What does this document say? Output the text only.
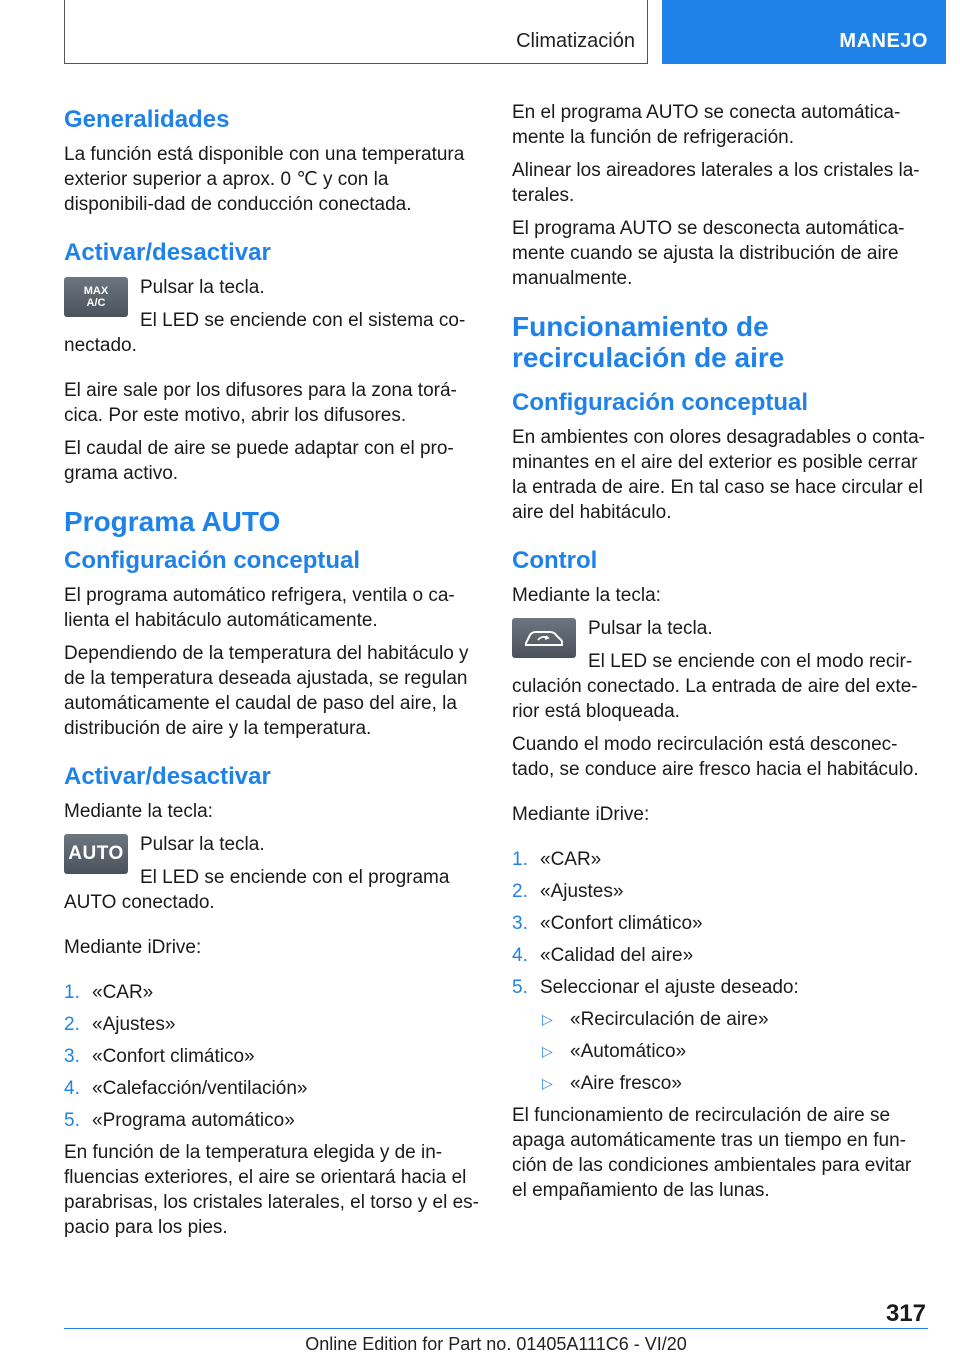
Climatización	MANEJO
Generalidades

La función está disponible con una temperatura exterior superior a aprox. 0 ℃ y con la disponibili‐dad de conducción conectada.

Activar/desactivar
MAX A/C

Pulsar la tecla.

El LED se enciende con el sistema co‐nectado.

El aire sale por los difusores para la zona torá‐cica. Por este motivo, abrir los difusores.

El caudal de aire se puede adaptar con el pro‐grama activo.

Programa AUTO
Configuración conceptual

El programa automático refrigera, ventila o ca‐lienta el habitáculo automáticamente.

Dependiendo de la temperatura del habitáculo y de la temperatura deseada ajustada, se regulan automáticamente el caudal de paso del aire, la distribución de aire y la temperatura.

Activar/desactivar

Mediante la tecla:

AUTO Pulsar la tecla.

El LED se enciende con el programa AUTO conectado.

Mediante iDrive:

1. «CAR»
2. «Ajustes»
3. «Confort climático»
4. «Calefacción/ventilación»
5. «Programa automático»

En función de la temperatura elegida y de in‐fluencias exteriores, el aire se orientará hacia el parabrisas, los cristales laterales, el torso y el es‐pacio para los pies.

En el programa AUTO se conecta automática‐mente la función de refrigeración.

Alinear los aireadores laterales a los cristales la‐terales.

El programa AUTO se desconecta automática‐mente cuando se ajusta la distribución de aire manualmente.

Funcionamiento de recirculación de aire
Configuración conceptual

En ambientes con olores desagradables o conta‐minantes en el aire del exterior es posible cerrar la entrada de aire. En tal caso se hace circular el aire del habitáculo.

Control

Mediante la tecla:

Pulsar la tecla.

El LED se enciende con el modo recir‐culación conectado. La entrada de aire del exte‐rior está bloqueada.

Cuando el modo recirculación está desconec‐tado, se conduce aire fresco hacia el habitáculo.

Mediante iDrive:

1. «CAR»
2. «Ajustes»
3. «Confort climático»
4. «Calidad del aire»
5. Seleccionar el ajuste deseado:
▷ «Recirculación de aire»
▷ «Automático»
▷ «Aire fresco»

El funcionamiento de recirculación de aire se apaga automáticamente tras un tiempo en fun‐ción de las condiciones ambientales para evitar el empañamiento de las lunas.

317
Online Edition for Part no. 01405A111C6 - VI/20
